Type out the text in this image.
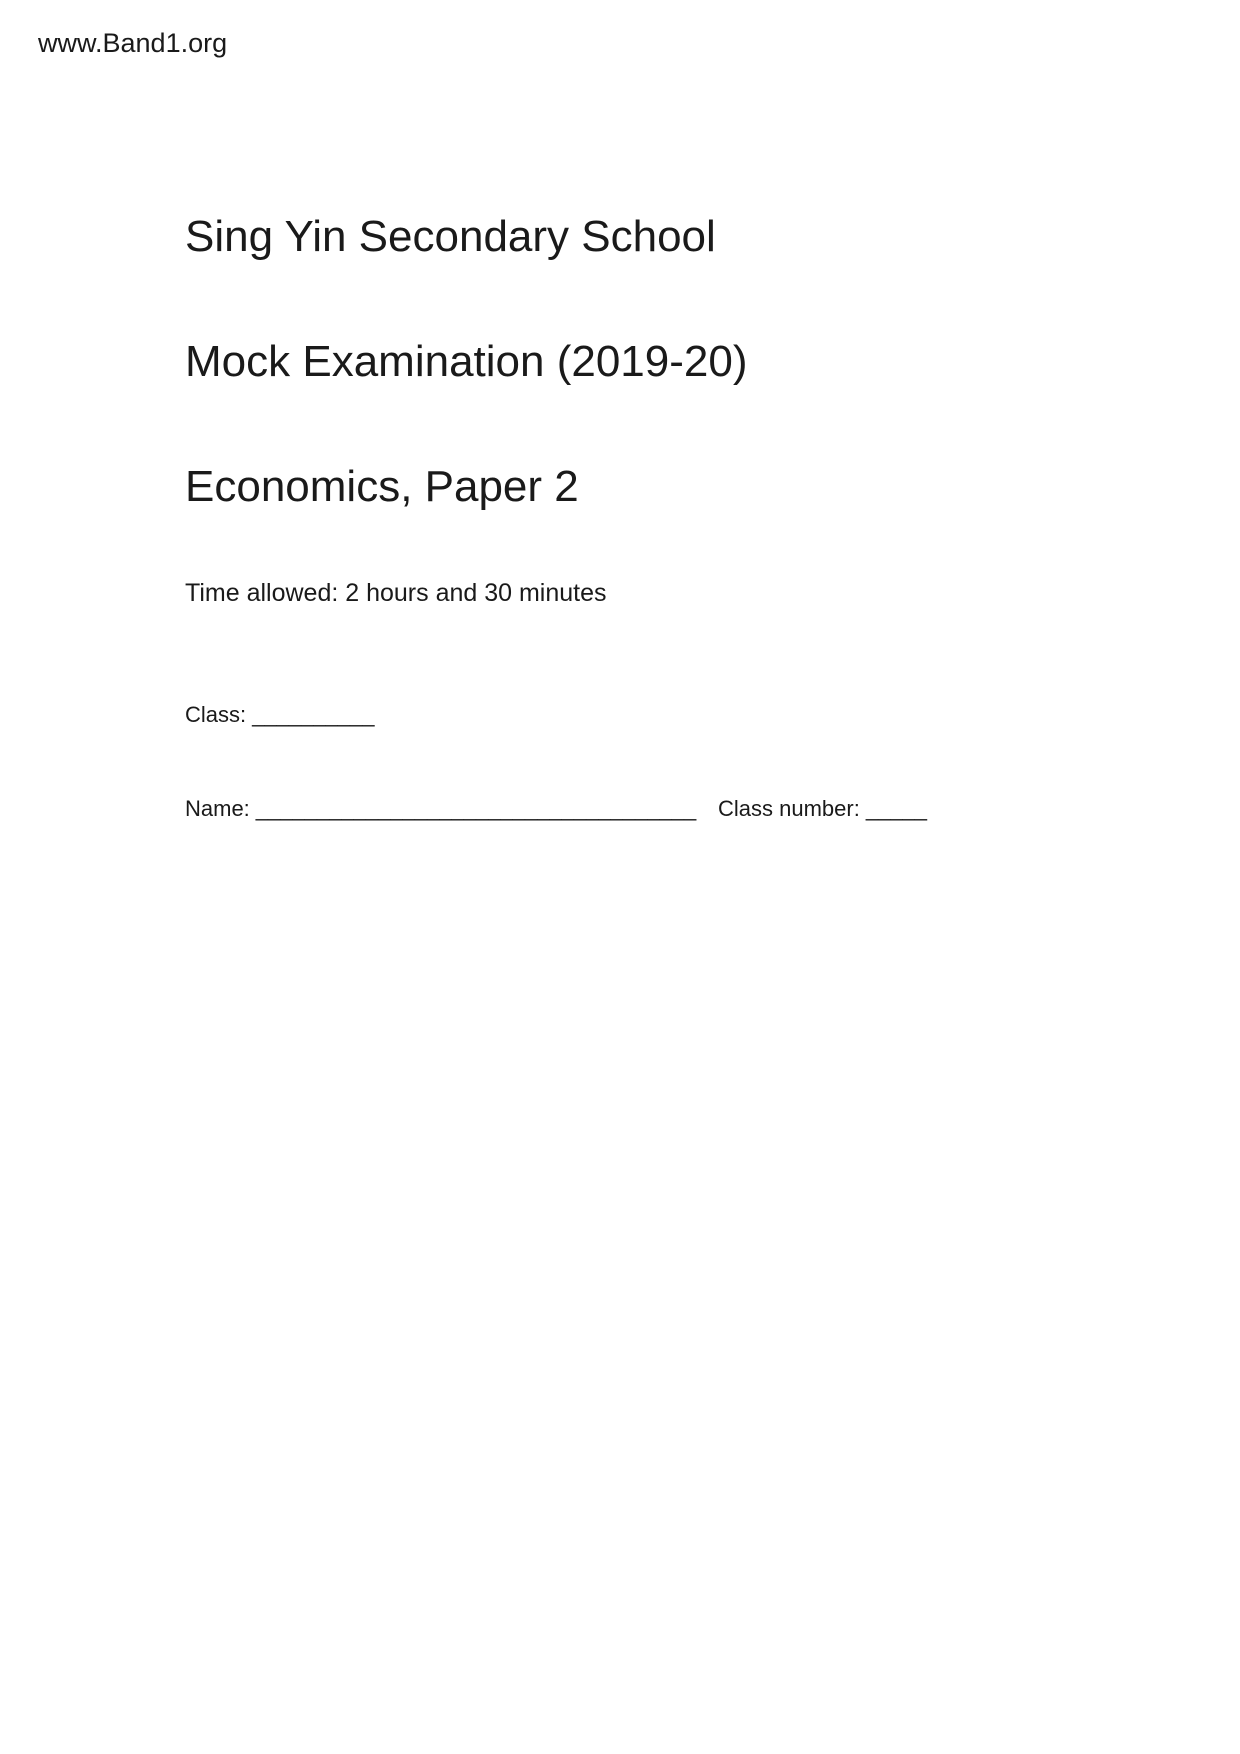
www.Band1.org
Sing Yin Secondary School
Mock Examination (2019-20)
Economics, Paper 2
Time allowed: 2 hours and 30 minutes
Class: __________
Name: ____________________________________ Class number: _____
